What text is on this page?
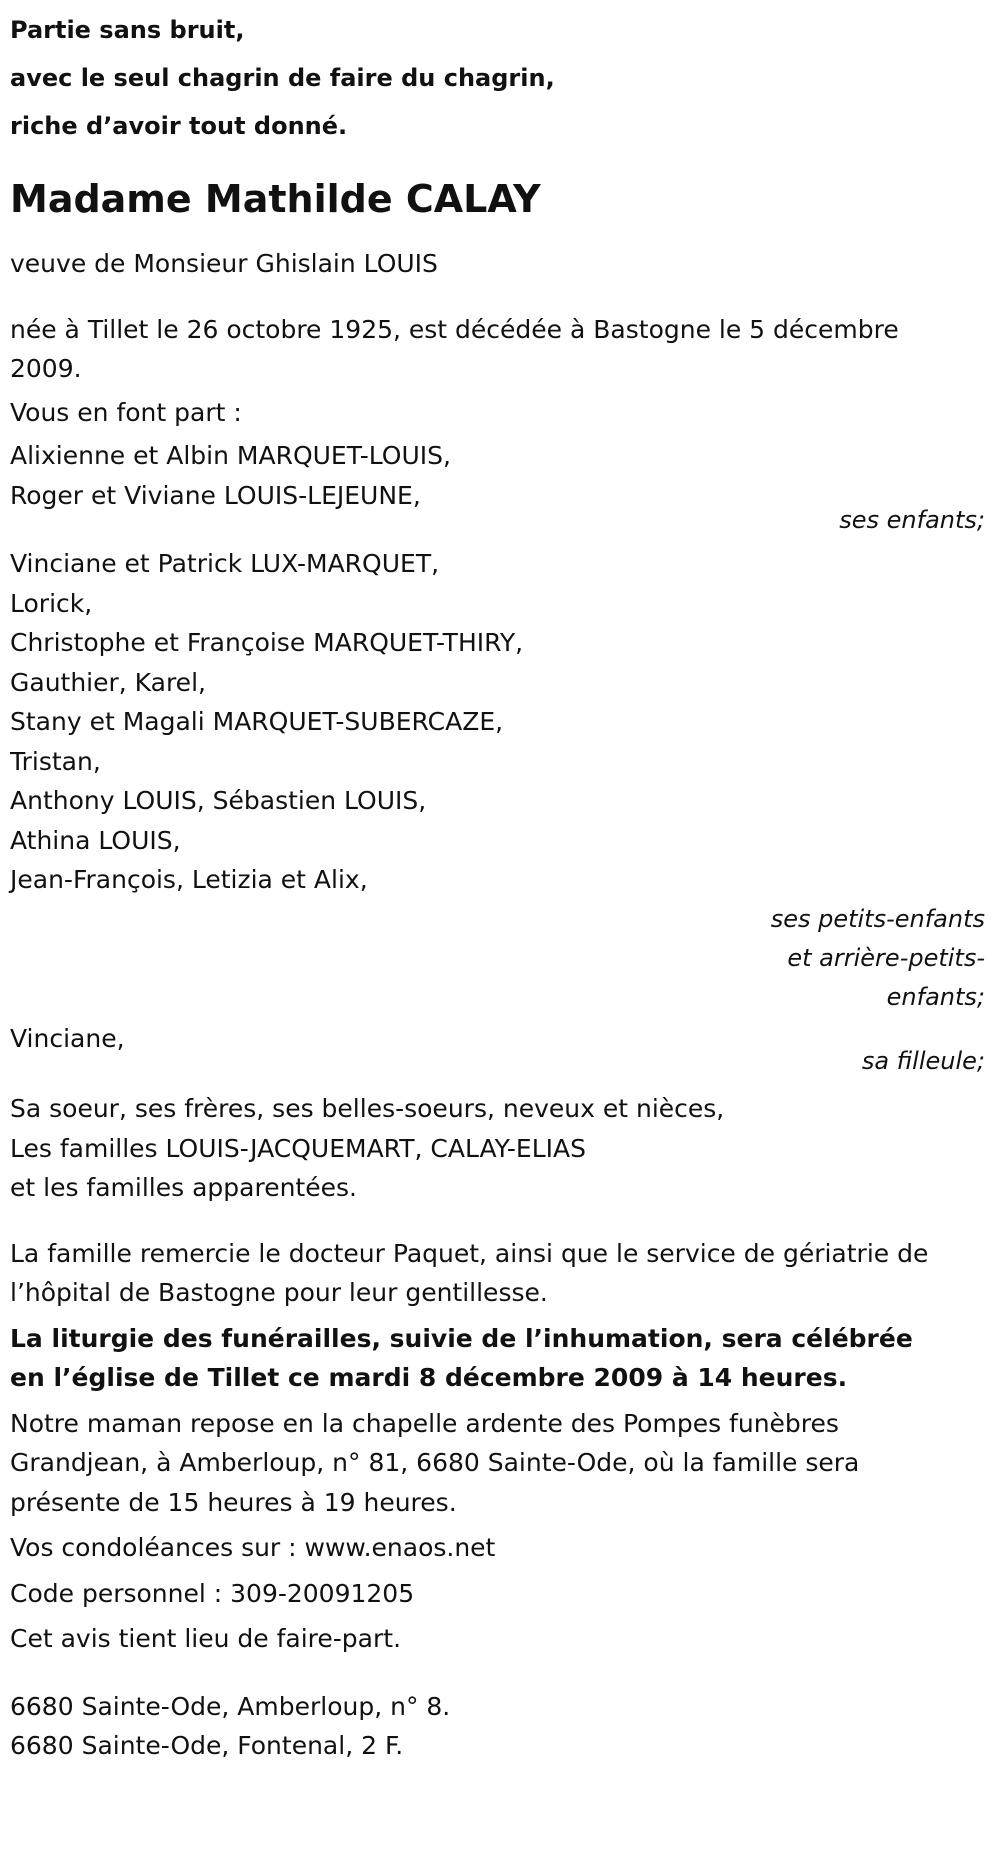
Partie sans bruit,
avec le seul chagrin de faire du chagrin,
riche d’avoir tout donné.
Madame Mathilde CALAY
veuve de Monsieur Ghislain LOUIS
née à Tillet le 26 octobre 1925, est décédée à Bastogne le 5 décembre 2009.
Vous en font part :
Alixienne et Albin MARQUET-LOUIS,
Roger et Viviane LOUIS-LEJEUNE,
ses enfants;
Vinciane et Patrick LUX-MARQUET,
Lorick,
Christophe et Françoise MARQUET-THIRY,
Gauthier, Karel,
Stany et Magali MARQUET-SUBERCAZE,
Tristan,
Anthony LOUIS, Sébastien LOUIS,
Athina LOUIS,
Jean-François, Letizia et Alix,
ses petits-enfants
et arrière-petits-
enfants;
Vinciane,
sa filleule;
Sa soeur, ses frères, ses belles-soeurs, neveux et nièces,
Les familles LOUIS-JACQUEMART, CALAY-ELIAS
et les familles apparentées.
La famille remercie le docteur Paquet, ainsi que le service de gériatrie de l’hôpital de Bastogne pour leur gentillesse.
La liturgie des funérailles, suivie de l’inhumation, sera célébrée en l’église de Tillet ce mardi 8 décembre 2009 à 14 heures.
Notre maman repose en la chapelle ardente des Pompes funèbres Grandjean, à Amberloup, n° 81, 6680 Sainte-Ode, où la famille sera présente de 15 heures à 19 heures.
Vos condoléances sur : www.enaos.net
Code personnel : 309-20091205
Cet avis tient lieu de faire-part.
6680 Sainte-Ode, Amberloup, n° 8.
6680 Sainte-Ode, Fontenal, 2 F.
